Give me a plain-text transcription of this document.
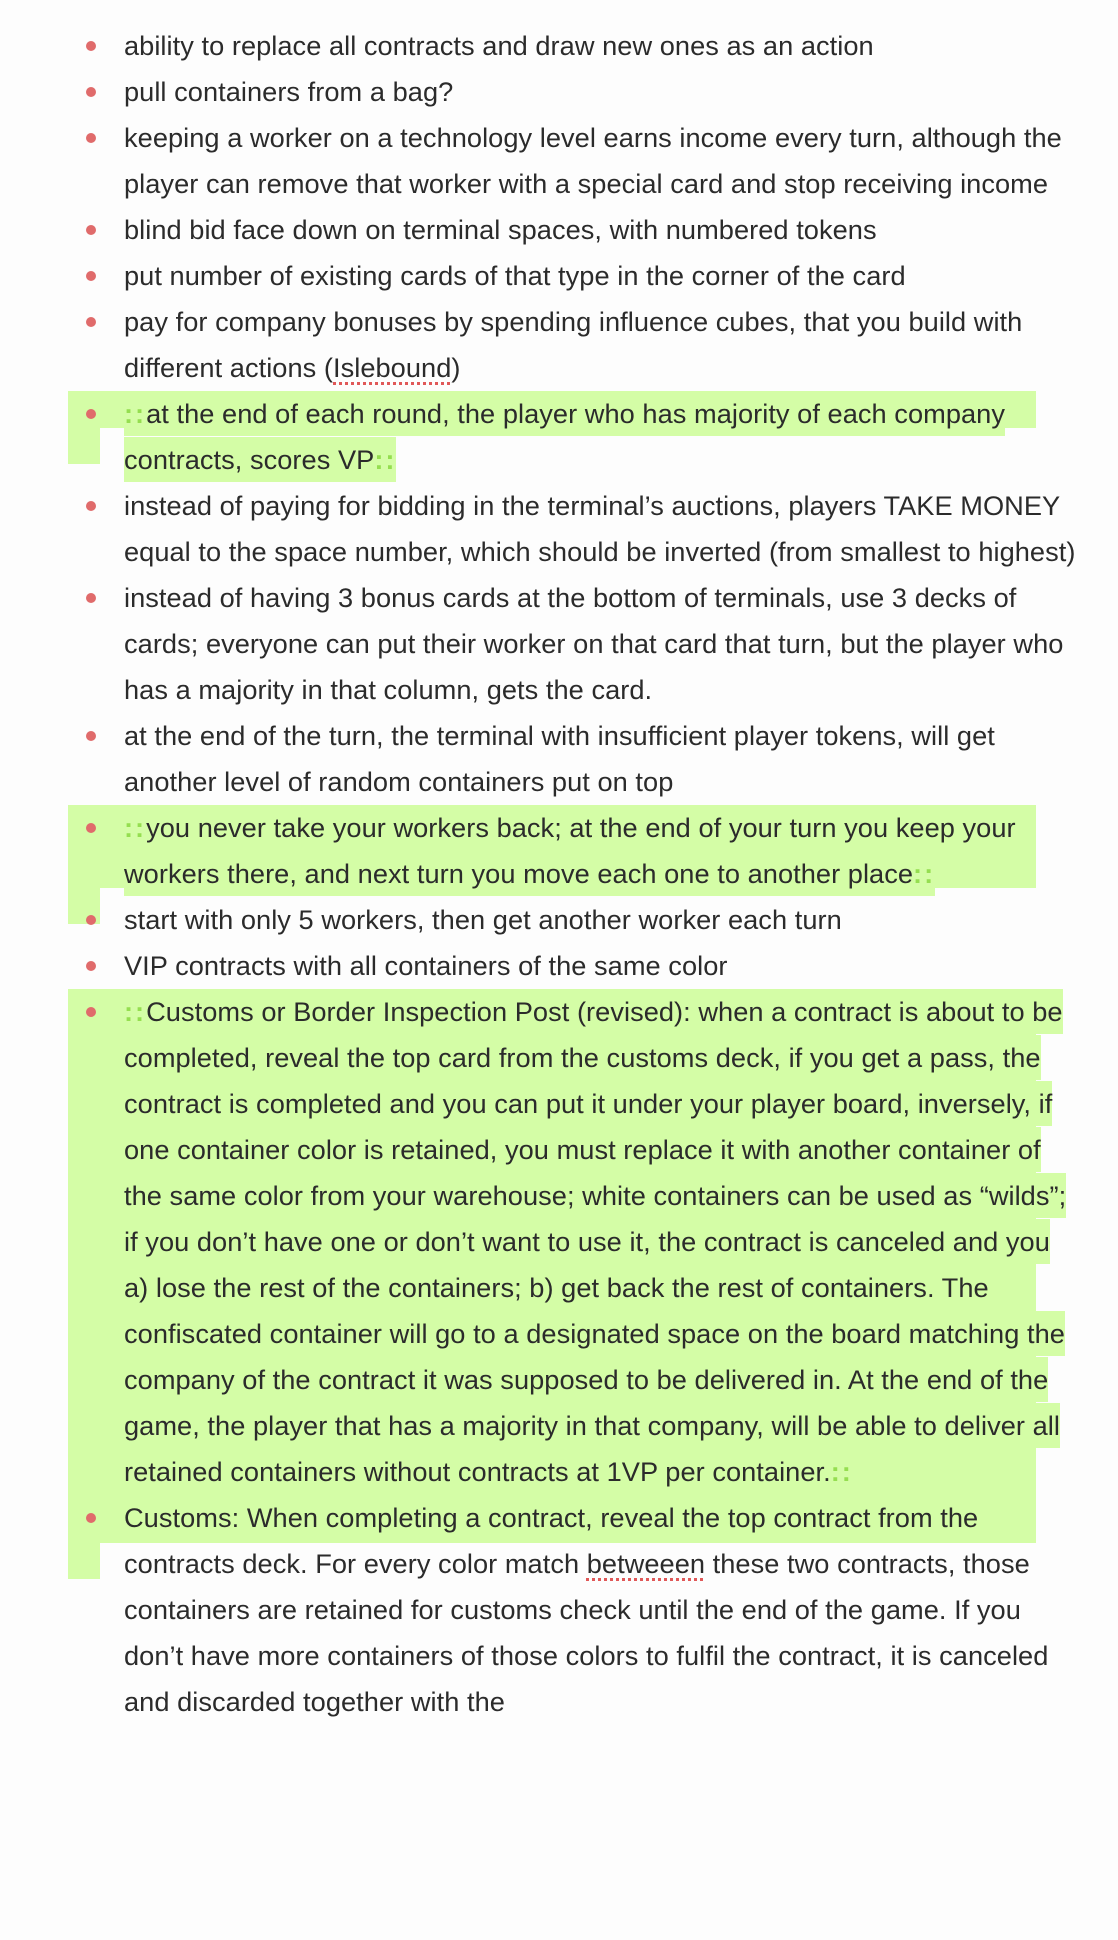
ability to replace all contracts and draw new ones as an action
pull containers from a bag?
keeping a worker on a technology level earns income every turn, although the player can remove that worker with a special card and stop receiving income
blind bid face down on terminal spaces, with numbered tokens
put number of existing cards of that type in the corner of the card
pay for company bonuses by spending influence cubes, that you build with different actions (Islebound)
::at the end of each round, the player who has majority of each company contracts, scores VP::
instead of paying for bidding in the terminal’s auctions, players TAKE MONEY equal to the space number, which should be inverted (from smallest to highest)
instead of having 3 bonus cards at the bottom of terminals, use 3 decks of cards; everyone can put their worker on that card that turn, but the player who has a majority in that column, gets the card.
at the end of the turn, the terminal with insufficient player tokens, will get another level of random containers put on top
::you never take your workers back; at the end of your turn you keep your workers there, and next turn you move each one to another place::
start with only 5 workers, then get another worker each turn
VIP contracts with all containers of the same color
::Customs or Border Inspection Post (revised): when a contract is about to be completed, reveal the top card from the customs deck, if you get a pass, the contract is completed and you can put it under your player board, inversely, if one container color is retained, you must replace it with another container of the same color from your warehouse; white containers can be used as “wilds”; if you don’t have one or don’t want to use it, the contract is canceled and you a) lose the rest of the containers; b) get back the rest of containers. The confiscated container will go to a designated space on the board matching the company of the contract it was supposed to be delivered in. At the end of the game, the player that has a majority in that company, will be able to deliver all retained containers without contracts at 1VP per container.::
Customs: When completing a contract, reveal the top contract from the contracts deck. For every color match betweeen these two contracts, those containers are retained for customs check until the end of the game. If you don’t have more containers of those colors to fulfil the contract, it is canceled and discarded together with the
